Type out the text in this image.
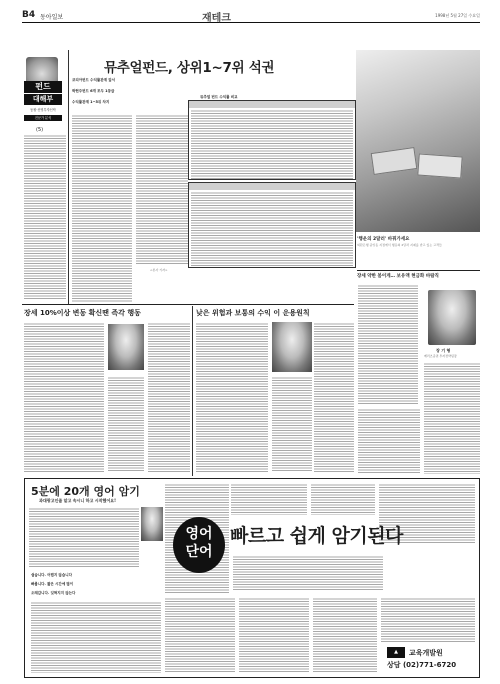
B4 동아일보	재테크	1998년 5월 27일 수요일
펀드
대해부
동원·신영투자신탁
전문가 분석
(5)
뮤추얼펀드, 상위1~7위 석권
코리아펀드 수익률관계 앞서
박현주펀드 6개 모두 1등급
수익률관계 1~5위 차지
<본사 기자>
뮤추얼 펀드 수익률 비교
'행운의 2달러' 바꿔가세요
외환은행 중앙동 지점에서 행운의 2달러 지폐를 받고 있는 고객들
장세 약한 봄이게… 보유액 현금화 바람직
장 기 형
메리츠증권 투자전략팀장
장세 10%이상 변동 확신땐 즉각 행동	낮은 위험과 보통의 수익 이 운용원칙
5분에 20개 영어 암기
과대광고인줄 알고 속시니 하고 시작했어요!
영어
단어
빠르고 쉽게 암기된다
쉽습니다. 어렵지 않습니다
빠릅니다. 짧은 시간에 많이
오래갑니다. 잊혀지지 않는다
▲	교육개발원
상담 (02)771-6720
